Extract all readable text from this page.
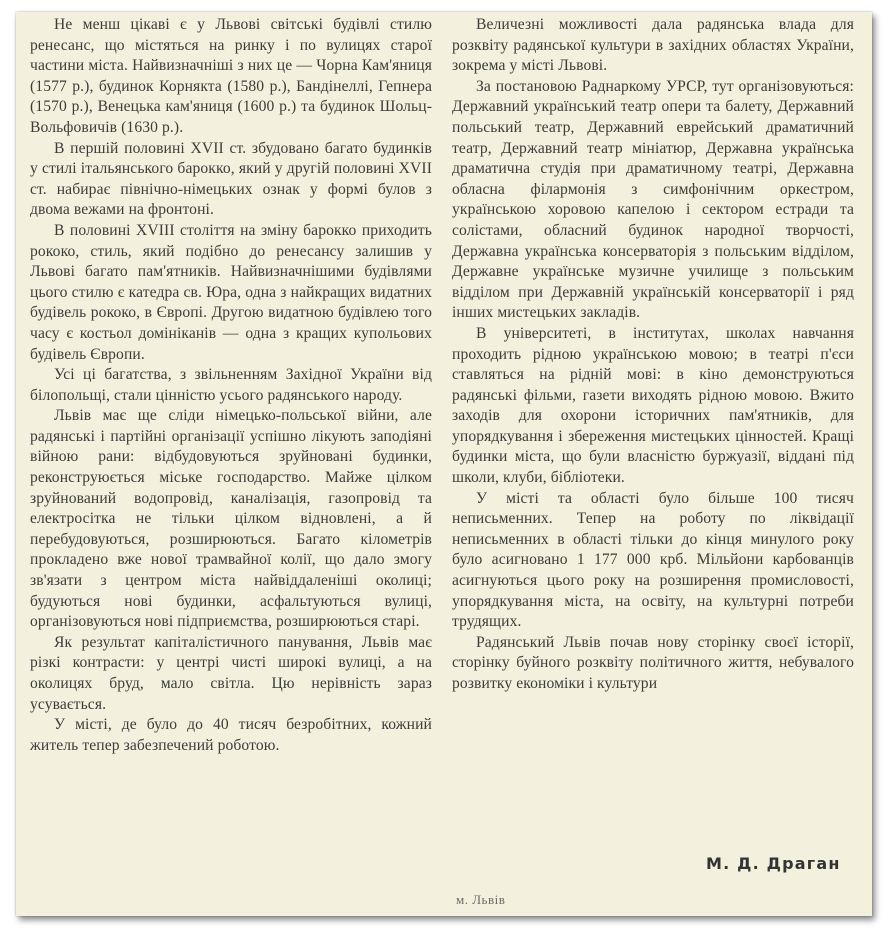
Не менш цікаві є у Львові світські будівлі стилю ренесанс, що містяться на ринку і по вулицях старої частини міста. Найвизначніші з них це — Чорна Кам'яниця (1577 р.), будинок Корнякта (1580 р.), Бандінеллі, Гепнера (1570 р.), Венецька кам'яниця (1600 р.) та будинок Шольц-Вольфовичів (1630 р.).

В першій половині XVII ст. збудовано багато будинків у стилі італьянського барокко, який у другій половині XVII ст. набирає північно-німецьких ознак у формі булов з двома вежами на фронтоні.

В половині XVIII століття на зміну барокко приходить рококо, стиль, який подібно до ренесансу залишив у Львові багато пам'ятників. Найвизначнішими будівлями цього стилю є катедра св. Юра, одна з найкращих видатних будівель рококо, в Європі. Другою видатною будівлею того часу є костьол домініканів — одна з кращих купольових будівель Європи.

Усі ці багатства, з звільненням Західної України від білопольщі, стали цінністю усього радянського народу.

Львів має ще сліди німецько-польської війни, але радянські і партійні організації успішно лікують заподіяні війною рани: відбудовуються зруйновані будинки, реконструюється міське господарство. Майже цілком зруйнований водопровід, каналізація, газопровід та електросітка не тільки цілком відновлені, а й перебудовуються, розширюються. Багато кілометрів прокладено вже нової трамвайної колії, що дало змогу зв'язати з центром міста найвіддаленіші околиці; будуються нові будинки, асфальтуються вулиці, організовуються нові підприємства, розширюються старі.

Як результат капіталістичного панування, Львів має різкі контрасти: у центрі чисті широкі вулиці, а на околицях бруд, мало світла. Цю нерівність зараз усувається.

У місті, де було до 40 тисяч безробітних, кожний житель тепер забезпечений роботою.

Величезні можливості дала радянська влада для розквіту радянської культури в західних областях України, зокрема у місті Львові.

За постановою Раднаркому УРСР, тут організовуються: Державний український театр опери та балету, Державний польський театр, Державний еврейський драматичний театр, Державний театр мініатюр, Державна українська драматична студія при драматичному театрі, Державна обласна філармонія з симфонічним оркестром, українською хоровою капелою і сектором естради та солістами, обласний будинок народної творчості, Державна українська консерваторія з польським відділом, Державне українське музичне училище з польським відділом при Державній українській консерваторії і ряд інших мистецьких закладів.

В університеті, в інститутах, школах навчання проходить рідною українською мовою; в театрі п'єси ставляться на рідній мові: в кіно демонструються радянські фільми, газети виходять рідною мовою. Вжито заходів для охорони історичних пам'ятників, для упорядкування і збереження мистецьких цінностей. Кращі будинки міста, що були власністю буржуазії, віддані під школи, клуби, бібліотеки.

У місті та області було більше 100 тисяч неписьменних. Тепер на роботу по ліквідації неписьменних в області тільки до кінця минулого року було асигновано 1 177 000 крб. Мільйони карбованців асигнуються цього року на розширення промисловості, упорядкування міста, на освіту, на культурні потреби трудящих.

Радянський Львів почав нову сторінку своєї історії, сторінку буйного розквіту політичного життя, небувалого розвитку економіки і культури

М. Д. Драган
м. Львів
